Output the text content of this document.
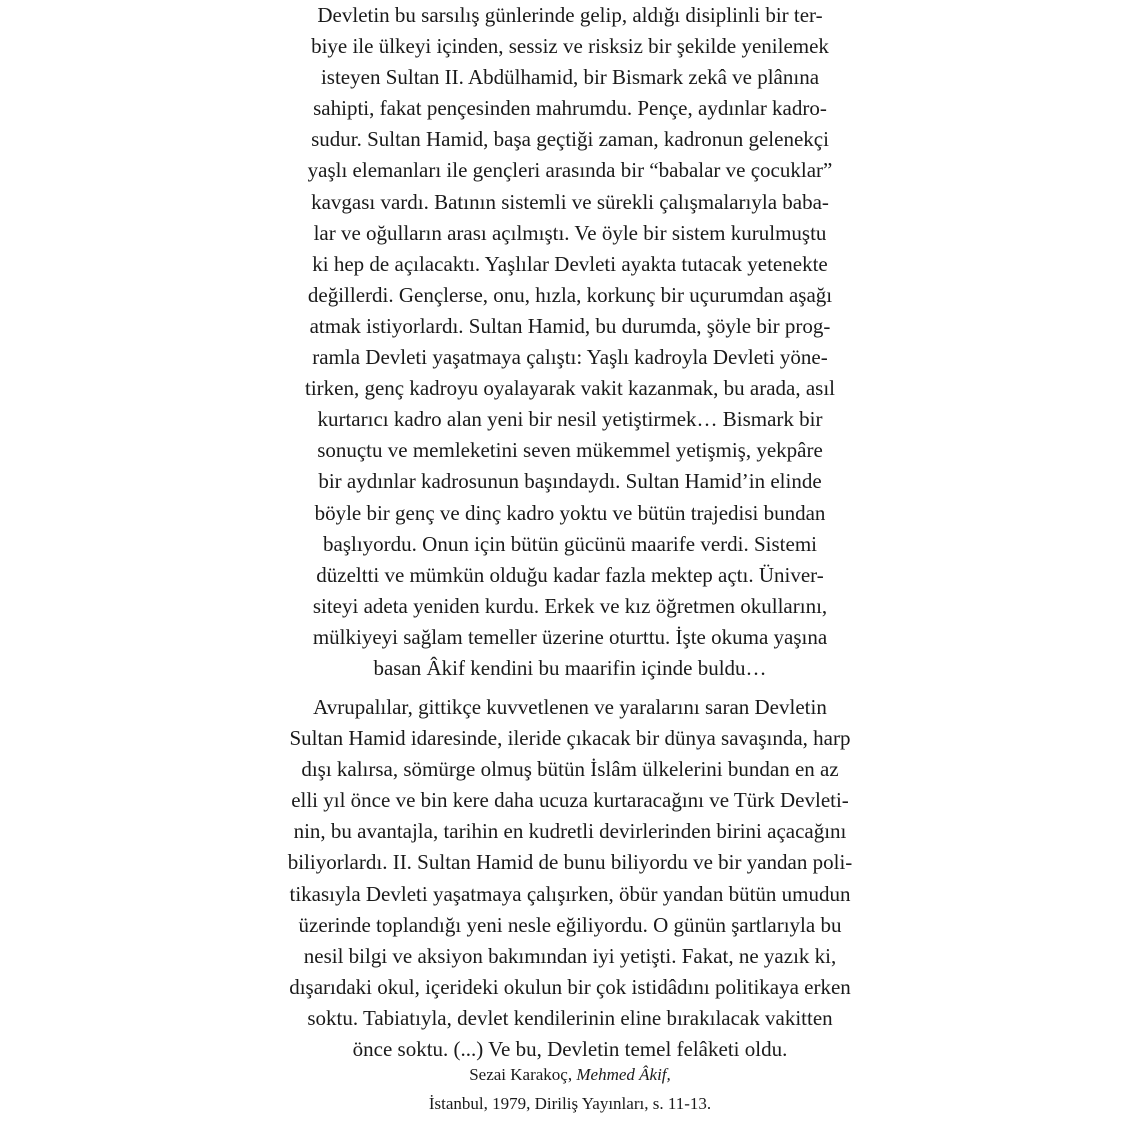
Devletin bu sarsılış günlerinde gelip, aldığı disiplinli bir ter-
biye ile ülkeyi içinden, sessiz ve risksiz bir şekilde yenilemek
isteyen Sultan II. Abdülhamid, bir Bismark zekâ ve plânına
sahipti, fakat pençesinden mahrumdu. Pençe, aydınlar kadro-
sudur. Sultan Hamid, başa geçtiği zaman, kadronun gelenekçi
yaşlı elemanları ile gençleri arasında bir “babalar ve çocuklar”
kavgası vardı. Batının sistemli ve sürekli çalışmalarıyla baba-
lar ve oğulların arası açılmıştı. Ve öyle bir sistem kurulmuştu
ki hep de açılacaktı. Yaşlılar Devleti ayakta tutacak yetenekte
değillerdi. Gençlerse, onu, hızla, korkunç bir uçurumdan aşağı
atmak istiyorlardı. Sultan Hamid, bu durumda, şöyle bir prog-
ramla Devleti yaşatmaya çalıştı: Yaşlı kadroyla Devleti yöne-
tirken, genç kadroyu oyalayarak vakit kazanmak, bu arada, asıl
kurtarıcı kadro alan yeni bir nesil yetiştirmek… Bismark bir
sonuçtu ve memleketini seven mükemmel yetişmiş, yekpâre
bir aydınlar kadrosunun başındaydı. Sultan Hamid’in elinde
böyle bir genç ve dinç kadro yoktu ve bütün trajedisi bundan
başlıyordu. Onun için bütün gücünü maarife verdi. Sistemi
düzeltti ve mümkün olduğu kadar fazla mektep açtı. Üniver-
siteyi adeta yeniden kurdu. Erkek ve kız öğretmen okullarını,
mülkiyeyi sağlam temeller üzerine oturttu. İşte okuma yaşına
basan Âkif kendini bu maarifin içinde buldu…
Avrupalılar, gittikçe kuvvetlenen ve yaralarını saran Devletin
Sultan Hamid idaresinde, ileride çıkacak bir dünya savaşında, harp
dışı kalırsa, sömürge olmuş bütün İslâm ülkelerini bundan en az
elli yıl önce ve bin kere daha ucuza kurtaracağını ve Türk Devleti-
nin, bu avantajla, tarihin en kudretli devirlerinden birini açacağını
biliyorlardı. II. Sultan Hamid de bunu biliyordu ve bir yandan poli-
tikasıyla Devleti yaşatmaya çalışırken, öbür yandan bütün umudun
üzerinde toplandığı yeni nesle eğiliyordu. O günün şartlarıyla bu
nesil bilgi ve aksiyon bakımından iyi yetişti. Fakat, ne yazık ki,
dışarıdaki okul, içerideki okulun bir çok istidâdını politikaya erken
soktu. Tabiatıyla, devlet kendilerinin eline bırakılacak vakitten
önce soktu. (...) Ve bu, Devletin temel felâketi oldu.
Sezai Karakoç, Mehmed Âkif,
İstanbul, 1979, Diriliş Yayınları, s. 11-13.
